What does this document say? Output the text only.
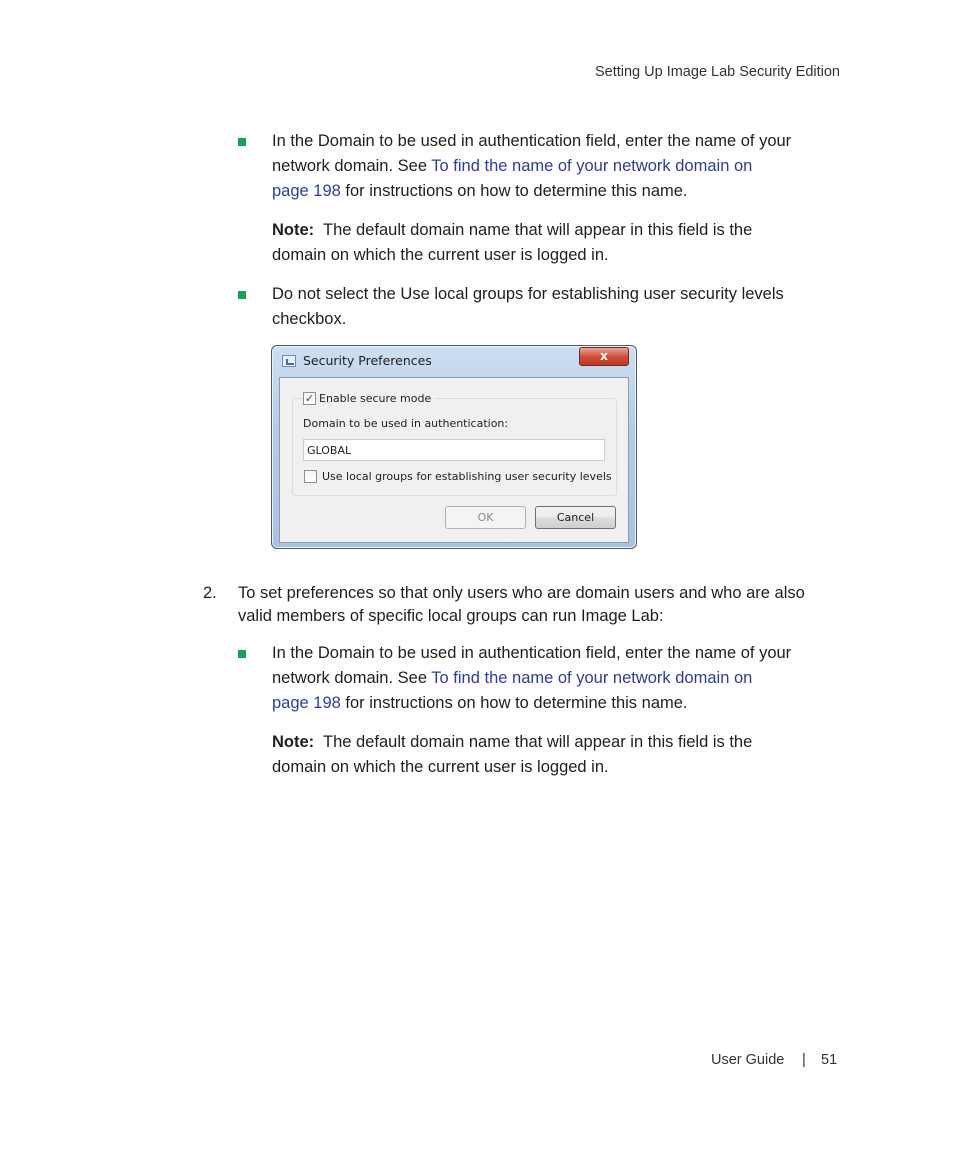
Setting Up Image Lab Security Edition
In the Domain to be used in authentication field, enter the name of your
network domain. See To find the name of your network domain on
page 198 for instructions on how to determine this name.
Note:  The default domain name that will appear in this field is the
domain on which the current user is logged in.
Do not select the Use local groups for establishing user security levels
checkbox.
Security Preferences	x
✓ Enable secure mode
Domain to be used in authentication:
GLOBAL
Use local groups for establishing user security levels
OK	Cancel
2. To set preferences so that only users who are domain users and who are also
valid members of specific local groups can run Image Lab:
In the Domain to be used in authentication field, enter the name of your
network domain. See To find the name of your network domain on
page 198 for instructions on how to determine this name.
Note:  The default domain name that will appear in this field is the
domain on which the current user is logged in.
User Guide | 51
